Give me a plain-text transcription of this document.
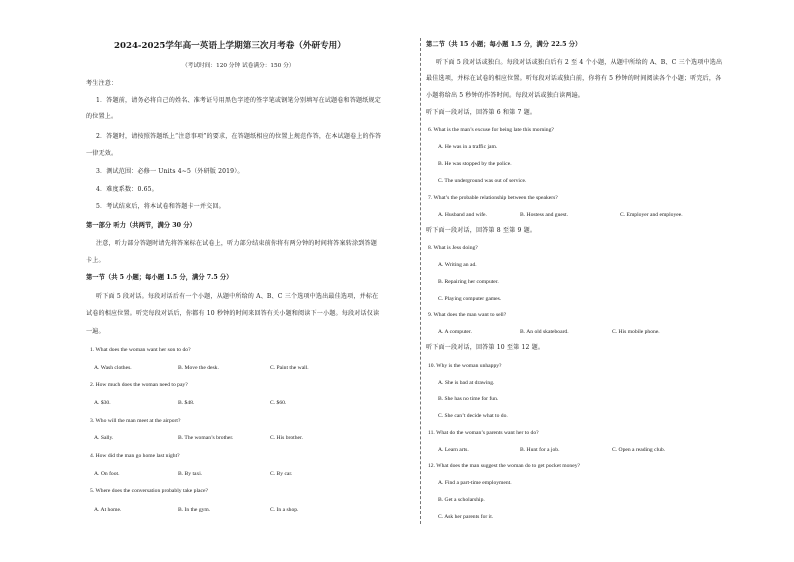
2024-2025学年高一英语上学期第三次月考卷（外研专用）
（考试时间：120 分钟 试卷满分：150 分）
考生注意：
1．答题前，请务必将自己的姓名、准考证号用黑色字迹的签字笔或钢笔分别填写在试题卷和答题纸规定
的位置上。
2．答题时，请按照答题纸上“注意事项”的要求，在答题纸相应的位置上规范作答，在本试题卷上的作答
一律无效。
3．测试范围：必修一 Units 4~5（外研版 2019）。
4．难度系数：0.65。
5．考试结束后，将本试卷和答题卡一并交回。
第一部分 听力（共两节，满分 30 分）
注意，听力部分答题时请先将答案标在试卷上，听力部分结束前你将有两分钟的时间将答案转涂到答题
卡上。
第一节（共 5 小题；每小题 1.5 分，满分 7.5 分）
听下面 5 段对话。每段对话后有一个小题，从题中所给的 A、B、C 三个选项中选出最佳选项，并标在
试卷的相应位置。听完每段对话后，你都有 10 秒钟的时间来回答有关小题和阅读下一小题。每段对话仅读
一遍。
1. What does the woman want her son to do?
A. Wash clothes.	B. Move the desk.	C. Paint the wall.
2. How much does the woman need to pay?
A. $30.	B. $48.	C. $60.
3. Who will the man meet at the airport?
A. Sally.	B. The woman’s brother.	C. His brother.
4. How did the man go home last night?
A. On foot.	B. By taxi.	C. By car.
5. Where does the conversation probably take place?
A. At home.	B. In the gym.	C. In a shop.
第二节（共 15 小题；每小题 1.5 分，满分 22.5 分）
听下面 5 段对话或独白。每段对话或独白后有 2 至 4 个小题，从题中所给的 A、B、C 三个选项中选出
最佳选项，并标在试卷的相应位置。听每段对话或独白前，你将有 5 秒钟的时间阅读各个小题；听完后，各
小题将给出 5 秒钟的作答时间。每段对话或独白读两遍。
听下面一段对话，回答第 6 和第 7 题。
6. What is the man’s excuse for being late this morning?
A. He was in a traffic jam.
B. He was stopped by the police.
C. The underground was out of service.
7. What’s the probable relationship between the speakers?
A. Husband and wife.	B. Hostess and guest.	C. Employer and employee.
听下面一段对话，回答第 8 至第 9 题。
8. What is Jess doing?
A. Writing an ad.
B. Repairing her computer.
C. Playing computer games.
9. What does the man want to sell?
A. A computer.	B. An old skateboard.	C. His mobile phone.
听下面一段对话，回答第 10 至第 12 题。
10. Why is the woman unhappy?
A. She is bad at drawing.
B. She has no time for fun.
C. She can’t decide what to do.
11. What do the woman’s parents want her to do?
A. Learn arts.	B. Hunt for a job.	C. Open a reading club.
12. What does the man suggest the woman do to get pocket money?
A. Find a part-time employment.
B. Get a scholarship.
C. Ask her parents for it.
